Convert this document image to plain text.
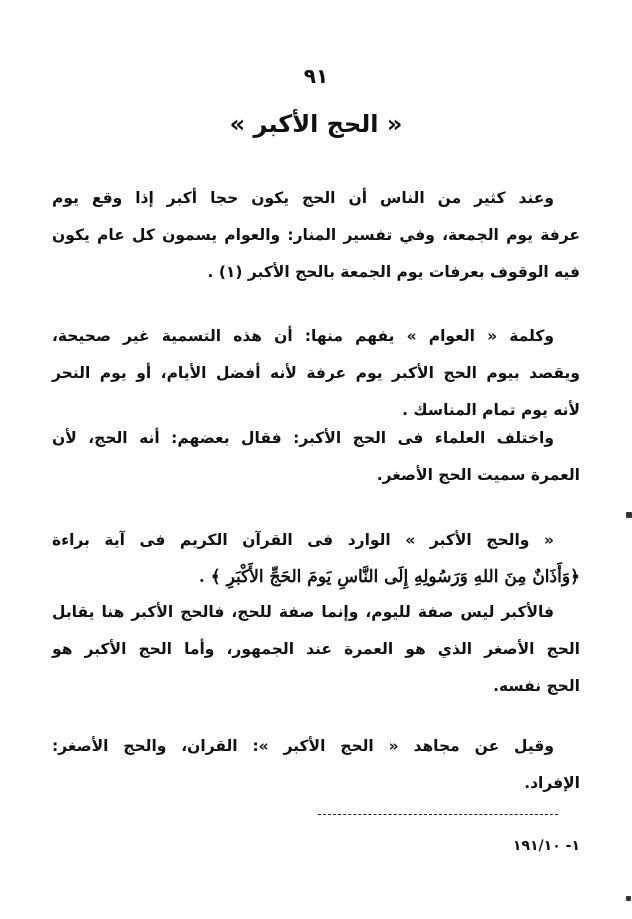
٩١
« الحج الأكبر »
وعند كثير من الناس أن الحج يكون حجا أكبر إذا وقع يوم
عرفة يوم الجمعة، وفي تفسير المنار: والعوام يسمون كل عام يكون
فيه الوقوف بعرفات يوم الجمعة بالحج الأكبر (١) .
وكلمة « العوام » يفهم منها: أن هذه التسمية غير صحيحة،
ويقصد بيوم الحج الأكبر يوم عرفة لأنه أفضل الأيام، أو يوم النحر
لأنه يوم تمام المناسك .
واختلف العلماء فى الحج الأكبر: فقال بعضهم: أنه الحج، لأن
العمرة سميت الحج الأصغر.
« والحج الأكبر » الوارد فى القرآن الكريم فى آية براءة
﴿وَأَذَانٌ مِنَ اللهِ وَرَسُولِهِ إِلَى النَّاسِ يَومَ الحَجِّ الأَكْبَرِ ﴾ .
فالأكبر ليس صفة لليوم، وإنما صفة للحج، فالحج الأكبر هنا يقابل
الحج الأصغر الذي هو العمرة عند الجمهور، وأما الحج الأكبر هو
الحج نفسه.
وقيل عن مجاهد « الحج الأكبر »: القران، والحج الأصغر:
الإفراد.
١- ١٩١/١٠
